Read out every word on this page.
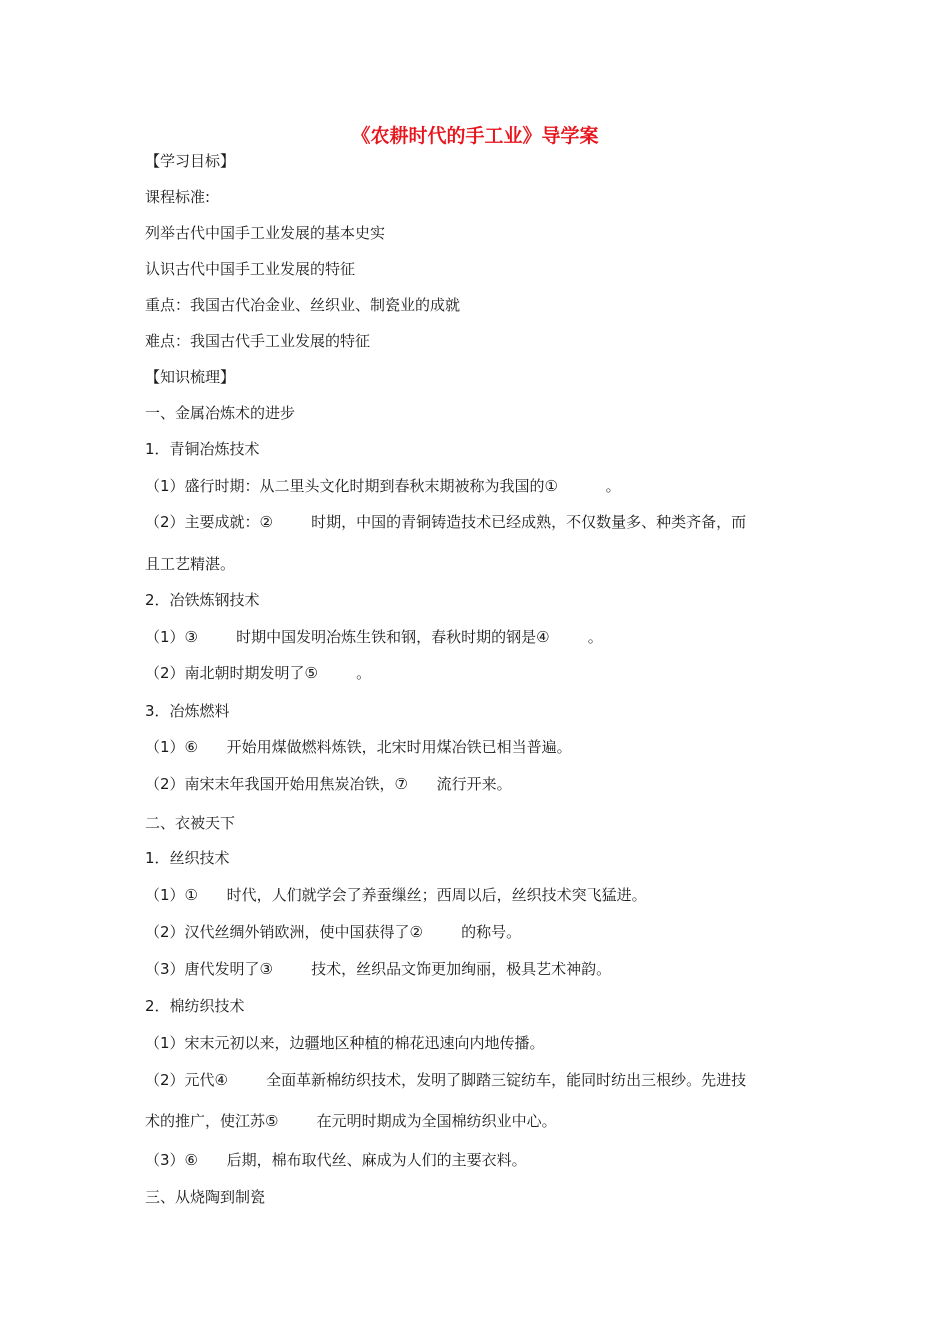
《农耕时代的手工业》导学案
【学习目标】
课程标准:
列举古代中国手工业发展的基本史实
认识古代中国手工业发展的特征
重点：我国古代冶金业、丝织业、制瓷业的成就
难点：我国古代手工业发展的特征
【知识梳理】
一、金属冶炼术的进步
1．青铜冶炼技术
（1）盛行时期：从二里头文化时期到春秋末期被称为我国的①          。
（2）主要成就：②        时期，中国的青铜铸造技术已经成熟，不仅数量多、种类齐备，而
且工艺精湛。
2．冶铁炼钢技术
（1）③        时期中国发明冶炼生铁和钢，春秋时期的钢是④        。
（2）南北朝时期发明了⑤        。
3．冶炼燃料
（1）⑥      开始用煤做燃料炼铁，北宋时用煤冶铁已相当普遍。
（2）南宋末年我国开始用焦炭冶铁，⑦      流行开来。
二、衣被天下
1．丝织技术
（1）①      时代，人们就学会了养蚕缫丝；西周以后，丝织技术突飞猛进。
（2）汉代丝绸外销欧洲，使中国获得了②        的称号。
（3）唐代发明了③        技术，丝织品文饰更加绚丽，极具艺术神韵。
2．棉纺织技术
（1）宋末元初以来，边疆地区种植的棉花迅速向内地传播。
（2）元代④        全面革新棉纺织技术，发明了脚踏三锭纺车，能同时纺出三根纱。先进技
术的推广，使江苏⑤        在元明时期成为全国棉纺织业中心。
（3）⑥      后期，棉布取代丝、麻成为人们的主要衣料。
三、从烧陶到制瓷
